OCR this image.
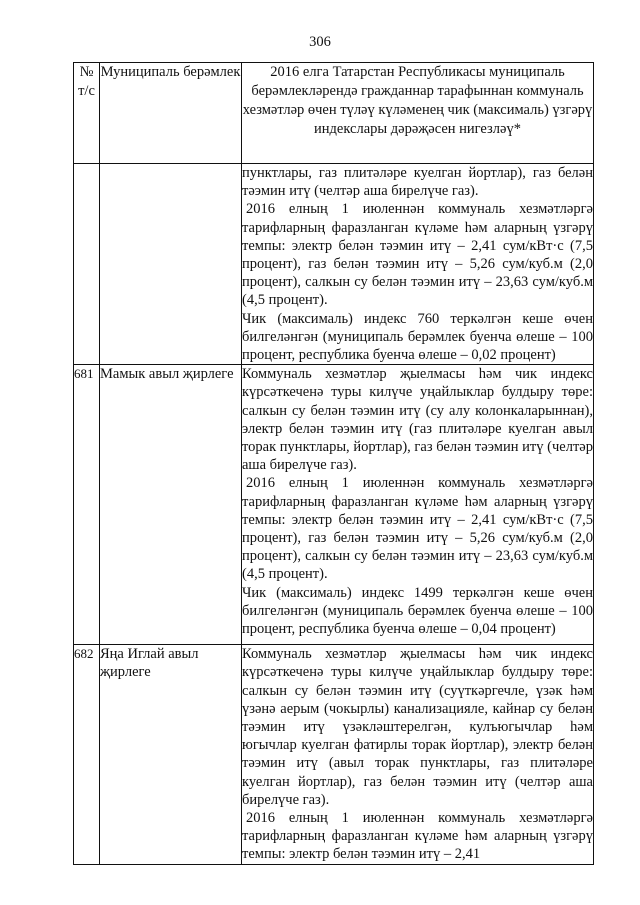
306
№ т/с	Муниципаль берәмлек	2016 елга Татарстан Республикасы муниципаль берәмлекләрендә гражданнар тарафыннан коммуналь хезмәтләр өчен түләү күләменең чик (максималь) үзгәрү индекслары дәрәҗәсен нигезләү*

		пунктлары, газ плитәләре куелган йортлар), газ белән тәэмин итү (челтәр аша бирелүче газ).
2016 елның 1 июленнән коммуналь хезмәтләргә тарифларның фаразланган күләме һәм аларның үзгәрү темпы: электр белән тәэмин итү – 2,41 сум/кВт·с (7,5 процент), газ белән тәэмин итү – 5,26 сум/куб.м (2,0 процент), салкын су белән тәэмин итү – 23,63 сум/куб.м (4,5 процент).
Чик (максималь) индекс 760 теркәлгән кеше өчен билгеләнгән (муниципаль берәмлек буенча өлеше – 100 процент, республика буенча өлеше – 0,02 процент)

681	Мамык авыл җирлеге	Коммуналь хезмәтләр җыелмасы һәм чик индекс күрсәткеченә туры килүче уңайлыклар булдыру төре: салкын су белән тәэмин итү (су алу колонкаларыннан), электр белән тәэмин итү (газ плитәләре куелган авыл торак пунктлары, йортлар), газ белән тәэмин итү (челтәр аша бирелүче газ).
2016 елның 1 июленнән коммуналь хезмәтләргә тарифларның фаразланган күләме һәм аларның үзгәрү темпы: электр белән тәэмин итү – 2,41 сум/кВт·с (7,5 процент), газ белән тәэмин итү – 5,26 сум/куб.м (2,0 процент), салкын су белән тәэмин итү – 23,63 сум/куб.м (4,5 процент).
Чик (максималь) индекс 1499 теркәлгән кеше өчен билгеләнгән (муниципаль берәмлек буенча өлеше – 100 процент, республика буенча өлеше – 0,04 процент)

682	Яңа Иглай авыл җирлеге	Коммуналь хезмәтләр җыелмасы һәм чик индекс күрсәткеченә туры килүче уңайлыклар булдыру төре: салкын су белән тәэмин итү (суүткәргечле, үзәк һәм үзәнә аерым (чокырлы) канализацияле, кайнар су белән тәэмин итү үзәкләштерелгән, кулъюгычлар һәм югычлар куелган фатирлы торак йортлар), электр белән тәэмин итү (авыл торак пунктлары, газ плитәләре куелган йортлар), газ белән тәэмин итү (челтәр аша бирелүче газ).
2016 елның 1 июленнән коммуналь хезмәтләргә тарифларның фаразланган күләме һәм аларның үзгәрү темпы: электр белән тәэмин итү – 2,41
